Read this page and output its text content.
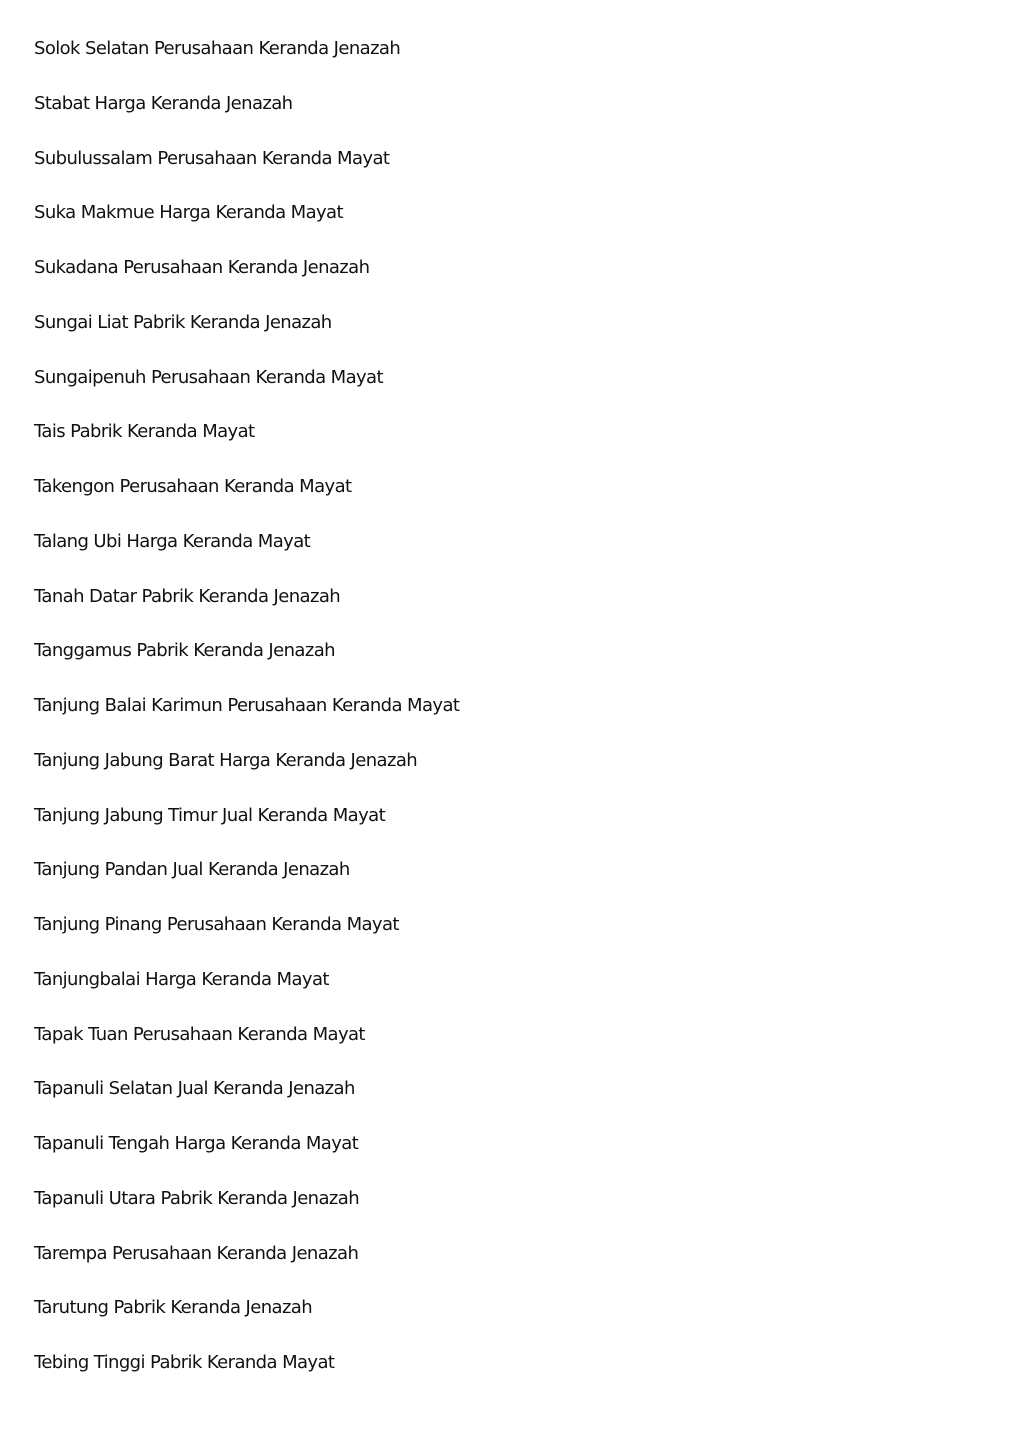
Solok Selatan Perusahaan Keranda Jenazah
Stabat Harga Keranda Jenazah
Subulussalam Perusahaan Keranda Mayat
Suka Makmue Harga Keranda Mayat
Sukadana Perusahaan Keranda Jenazah
Sungai Liat Pabrik Keranda Jenazah
Sungaipenuh Perusahaan Keranda Mayat
Tais Pabrik Keranda Mayat
Takengon Perusahaan Keranda Mayat
Talang Ubi Harga Keranda Mayat
Tanah Datar Pabrik Keranda Jenazah
Tanggamus Pabrik Keranda Jenazah
Tanjung Balai Karimun Perusahaan Keranda Mayat
Tanjung Jabung Barat Harga Keranda Jenazah
Tanjung Jabung Timur Jual Keranda Mayat
Tanjung Pandan Jual Keranda Jenazah
Tanjung Pinang Perusahaan Keranda Mayat
Tanjungbalai Harga Keranda Mayat
Tapak Tuan Perusahaan Keranda Mayat
Tapanuli Selatan Jual Keranda Jenazah
Tapanuli Tengah Harga Keranda Mayat
Tapanuli Utara Pabrik Keranda Jenazah
Tarempa Perusahaan Keranda Jenazah
Tarutung Pabrik Keranda Jenazah
Tebing Tinggi Pabrik Keranda Mayat
